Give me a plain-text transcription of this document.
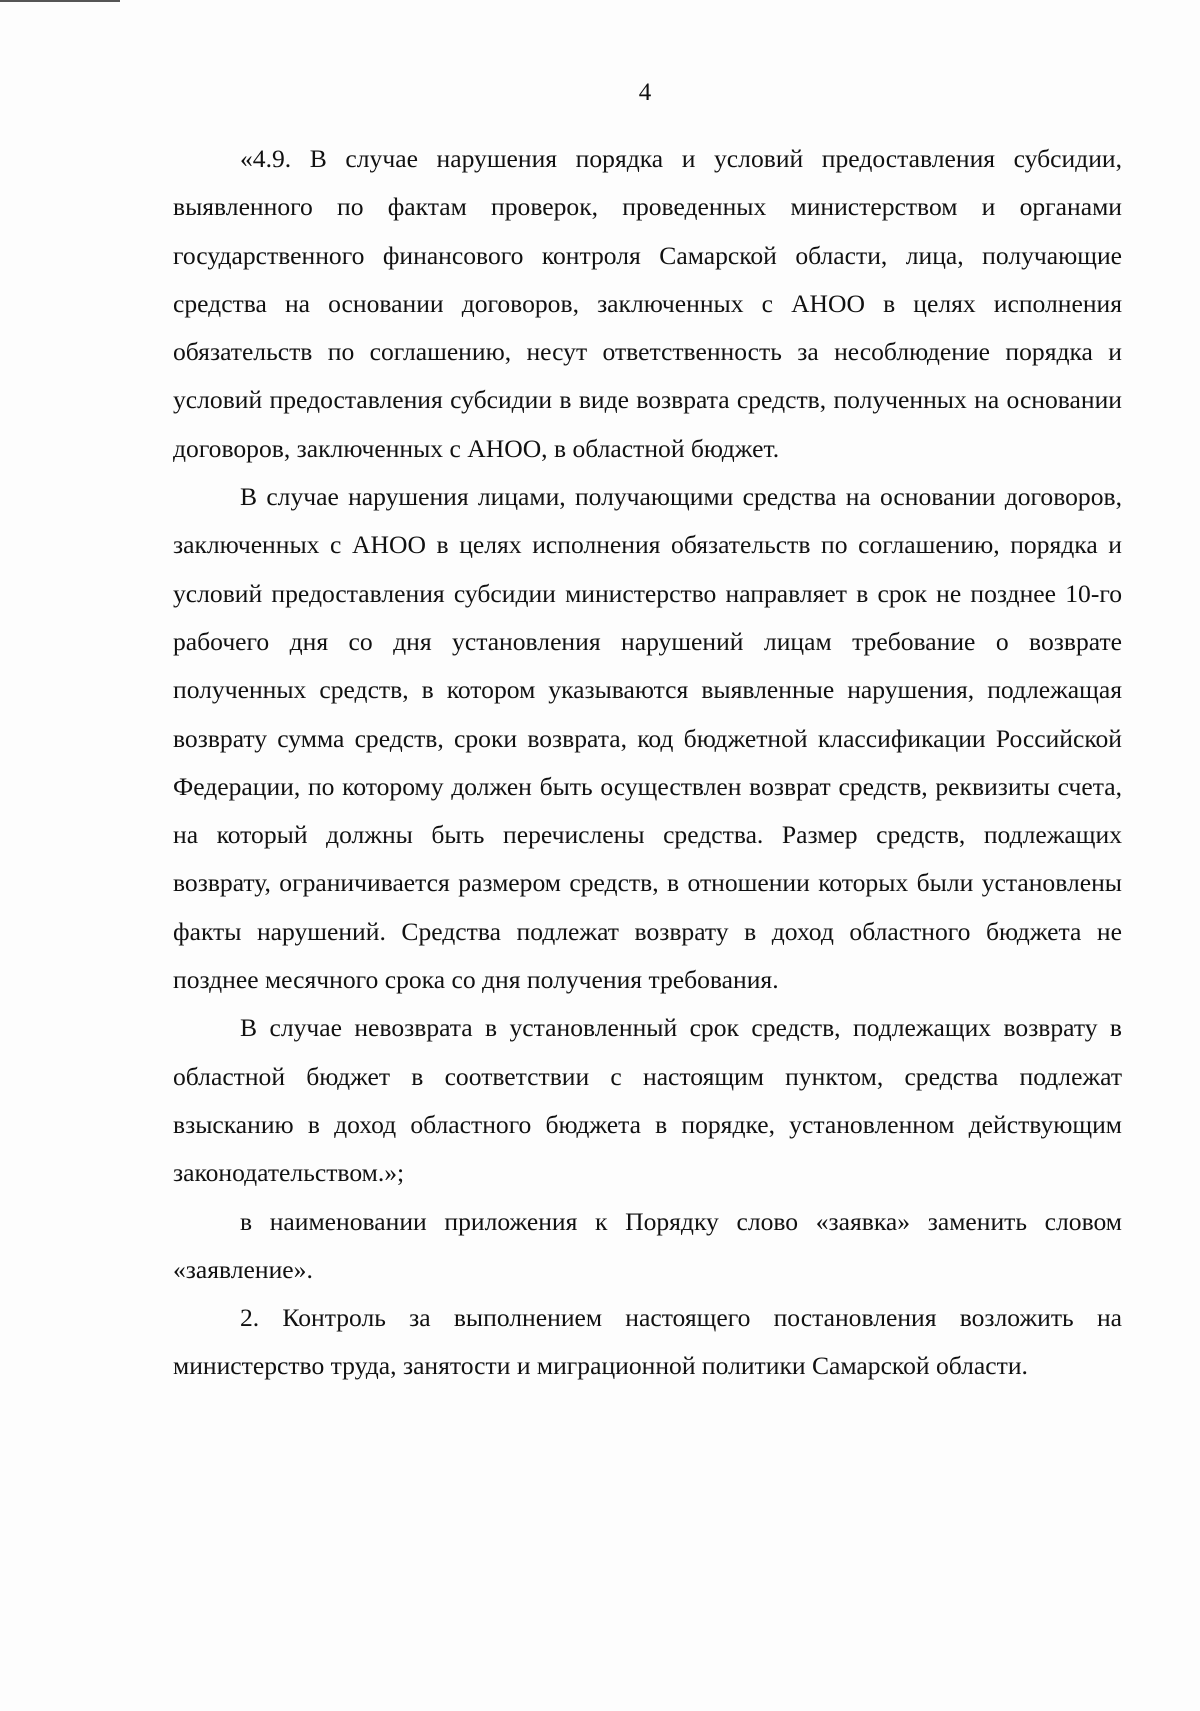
4

«4.9. В случае нарушения порядка и условий предоставления субсидии, выявленного по фактам проверок, проведенных министерством и органами государственного финансового контроля Самарской области, лица, получающие средства на основании договоров, заключенных с АНОО в целях исполнения обязательств по соглашению, несут ответственность за несоблюдение порядка и условий предоставления субсидии в виде возврата средств, полученных на основании договоров, заключенных с АНОО, в областной бюджет.

В случае нарушения лицами, получающими средства на основании договоров, заключенных с АНОО в целях исполнения обязательств по соглашению, порядка и условий предоставления субсидии министерство направляет в срок не позднее 10-го рабочего дня со дня установления нарушений лицам требование о возврате полученных средств, в котором указываются выявленные нарушения, подлежащая возврату сумма средств, сроки возврата, код бюджетной классификации Российской Федерации, по которому должен быть осуществлен возврат средств, реквизиты счета, на который должны быть перечислены средства. Размер средств, подлежащих возврату, ограничивается размером средств, в отношении которых были установлены факты нарушений. Средства подлежат возврату в доход областного бюджета не позднее месячного срока со дня получения требования.

В случае невозврата в установленный срок средств, подлежащих возврату в областной бюджет в соответствии с настоящим пунктом, средства подлежат взысканию в доход областного бюджета в порядке, установленном действующим законодательством.»;

в наименовании приложения к Порядку слово «заявка» заменить словом «заявление».

2. Контроль за выполнением настоящего постановления возложить на министерство труда, занятости и миграционной политики Самарской области.
